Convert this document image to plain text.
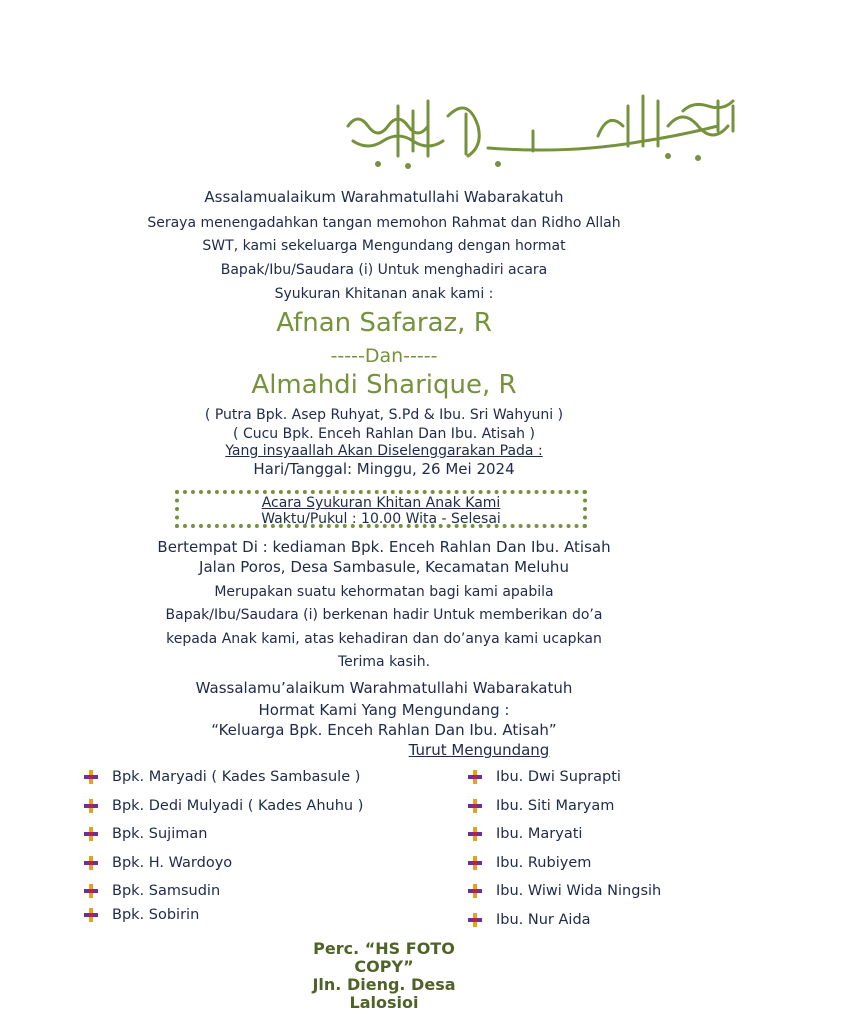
Assalamualaikum Warahmatullahi Wabarakatuh
Seraya menengadahkan tangan memohon Rahmat dan Ridho Allah
SWT, kami sekeluarga Mengundang dengan hormat
Bapak/Ibu/Saudara (i) Untuk menghadiri acara
Syukuran Khitanan anak kami :
Afnan Safaraz, R
-----Dan-----
Almahdi Sharique, R
( Putra Bpk. Asep Ruhyat, S.Pd & Ibu. Sri Wahyuni )
( Cucu Bpk. Enceh Rahlan Dan Ibu. Atisah )
Yang insyaallah Akan Diselenggarakan Pada :
Hari/Tanggal: Minggu, 26 Mei 2024
Acara Syukuran Khitan Anak Kami
Waktu/Pukul : 10.00 Wita - Selesai
Bertempat Di : kediaman Bpk. Enceh Rahlan Dan Ibu. Atisah
Jalan Poros, Desa Sambasule, Kecamatan Meluhu
Merupakan suatu kehormatan bagi kami apabila
Bapak/Ibu/Saudara (i) berkenan hadir Untuk memberikan do’a
kepada Anak kami, atas kehadiran dan do’anya kami ucapkan
Terima kasih.
Wassalamu’alaikum Warahmatullahi Wabarakatuh
Hormat Kami Yang Mengundang :
“Keluarga Bpk. Enceh Rahlan Dan Ibu. Atisah”
Turut Mengundang
Bpk. Maryadi ( Kades Sambasule )
Bpk. Dedi Mulyadi ( Kades Ahuhu )
Bpk. Sujiman
Bpk. H. Wardoyo
Bpk. Samsudin
Bpk. Sobirin
Ibu. Dwi Suprapti
Ibu. Siti Maryam
Ibu. Maryati
Ibu. Rubiyem
Ibu. Wiwi Wida Ningsih
Ibu. Nur Aida
Perc. “HS FOTO
COPY”
Jln. Dieng. Desa
Lalosioi
